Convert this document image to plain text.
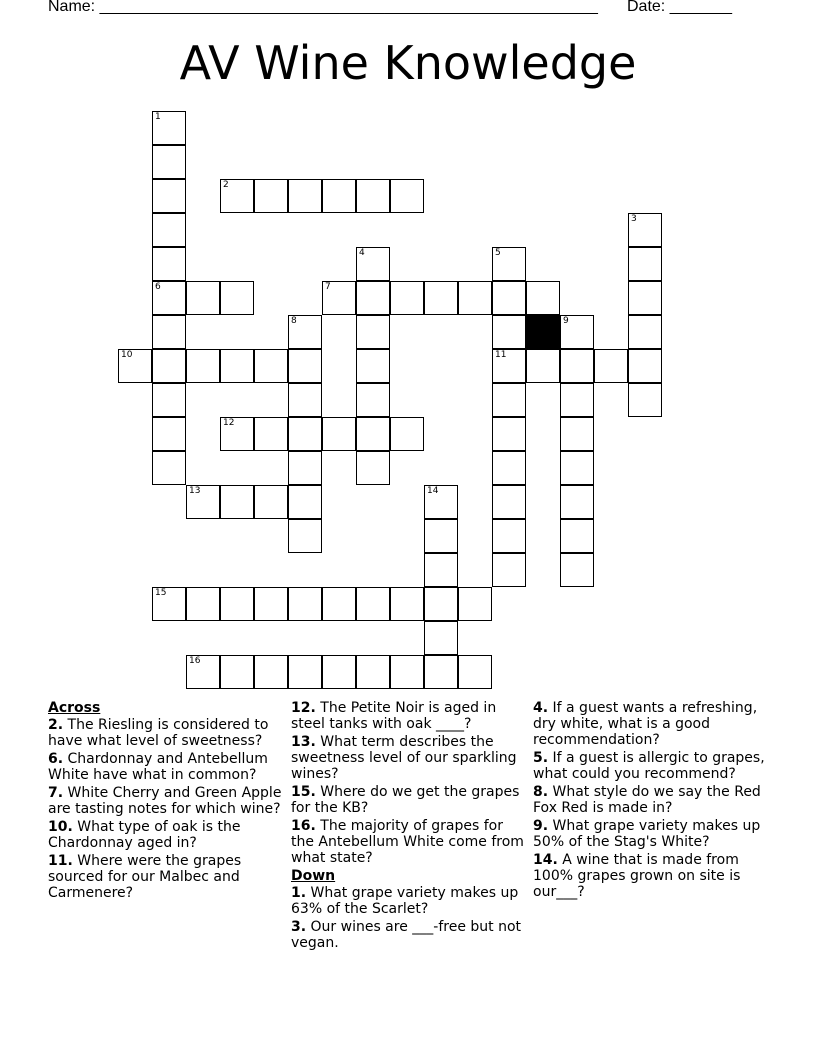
Name: ________________________________________________________ Date: _______
AV Wine Knowledge
1
6
2
3
4	5
11
7
8	9
10
12
13	14
15
16
Across
2. The Riesling is considered to have what level of sweetness?
6. Chardonnay and Antebellum White have what in common?
7. White Cherry and Green Apple are tasting notes for which wine?
10. What type of oak is the Chardonnay aged in?
11. Where were the grapes sourced for our Malbec and Carmenere?
12. The Petite Noir is aged in steel tanks with oak ____?
13. What term describes the sweetness level of our sparkling wines?
15. Where do we get the grapes for the KB?
16. The majority of grapes for the Antebellum White come from what state?
Down
1. What grape variety makes up 63% of the Scarlet?
3. Our wines are ___-free but not vegan.
4. If a guest wants a refreshing, dry white, what is a good recommendation?
5. If a guest is allergic to grapes, what could you recommend?
8. What style do we say the Red Fox Red is made in?
9. What grape variety makes up 50% of the Stag's White?
14. A wine that is made from 100% grapes grown on site is our___?
